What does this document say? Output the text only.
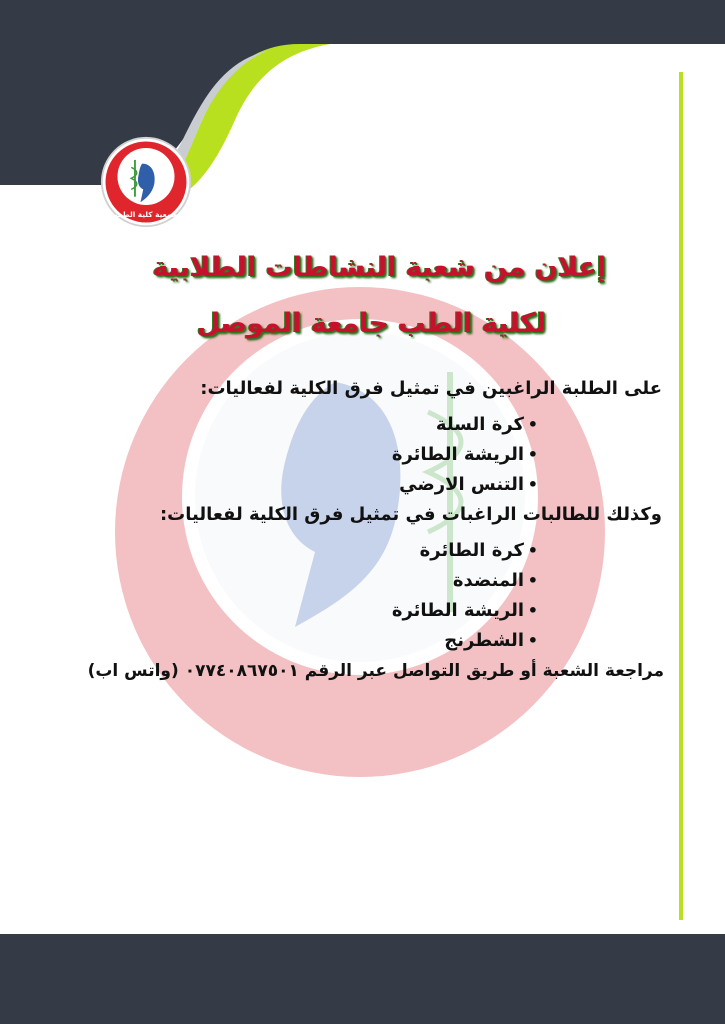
جمعية كلية الطب
إعلان من شعبة النشاطات الطلابية
لكلية الطب جامعة الموصل
على الطلبة الراغبين في تمثيل فرق الكلية لفعاليات:
•
كرة السلة
•
الريشة الطائرة
•
التنس الارضي
وكذلك للطالبات الراغبات في تمثيل فرق الكلية لفعاليات:
•
كرة الطائرة
•
المنضدة
•
الريشة الطائرة
•
الشطرنج
مراجعة الشعبة أو طريق التواصل عبر الرقم ٠٧٧٤٠٨٦٧٥٠١ (واتس اب)
